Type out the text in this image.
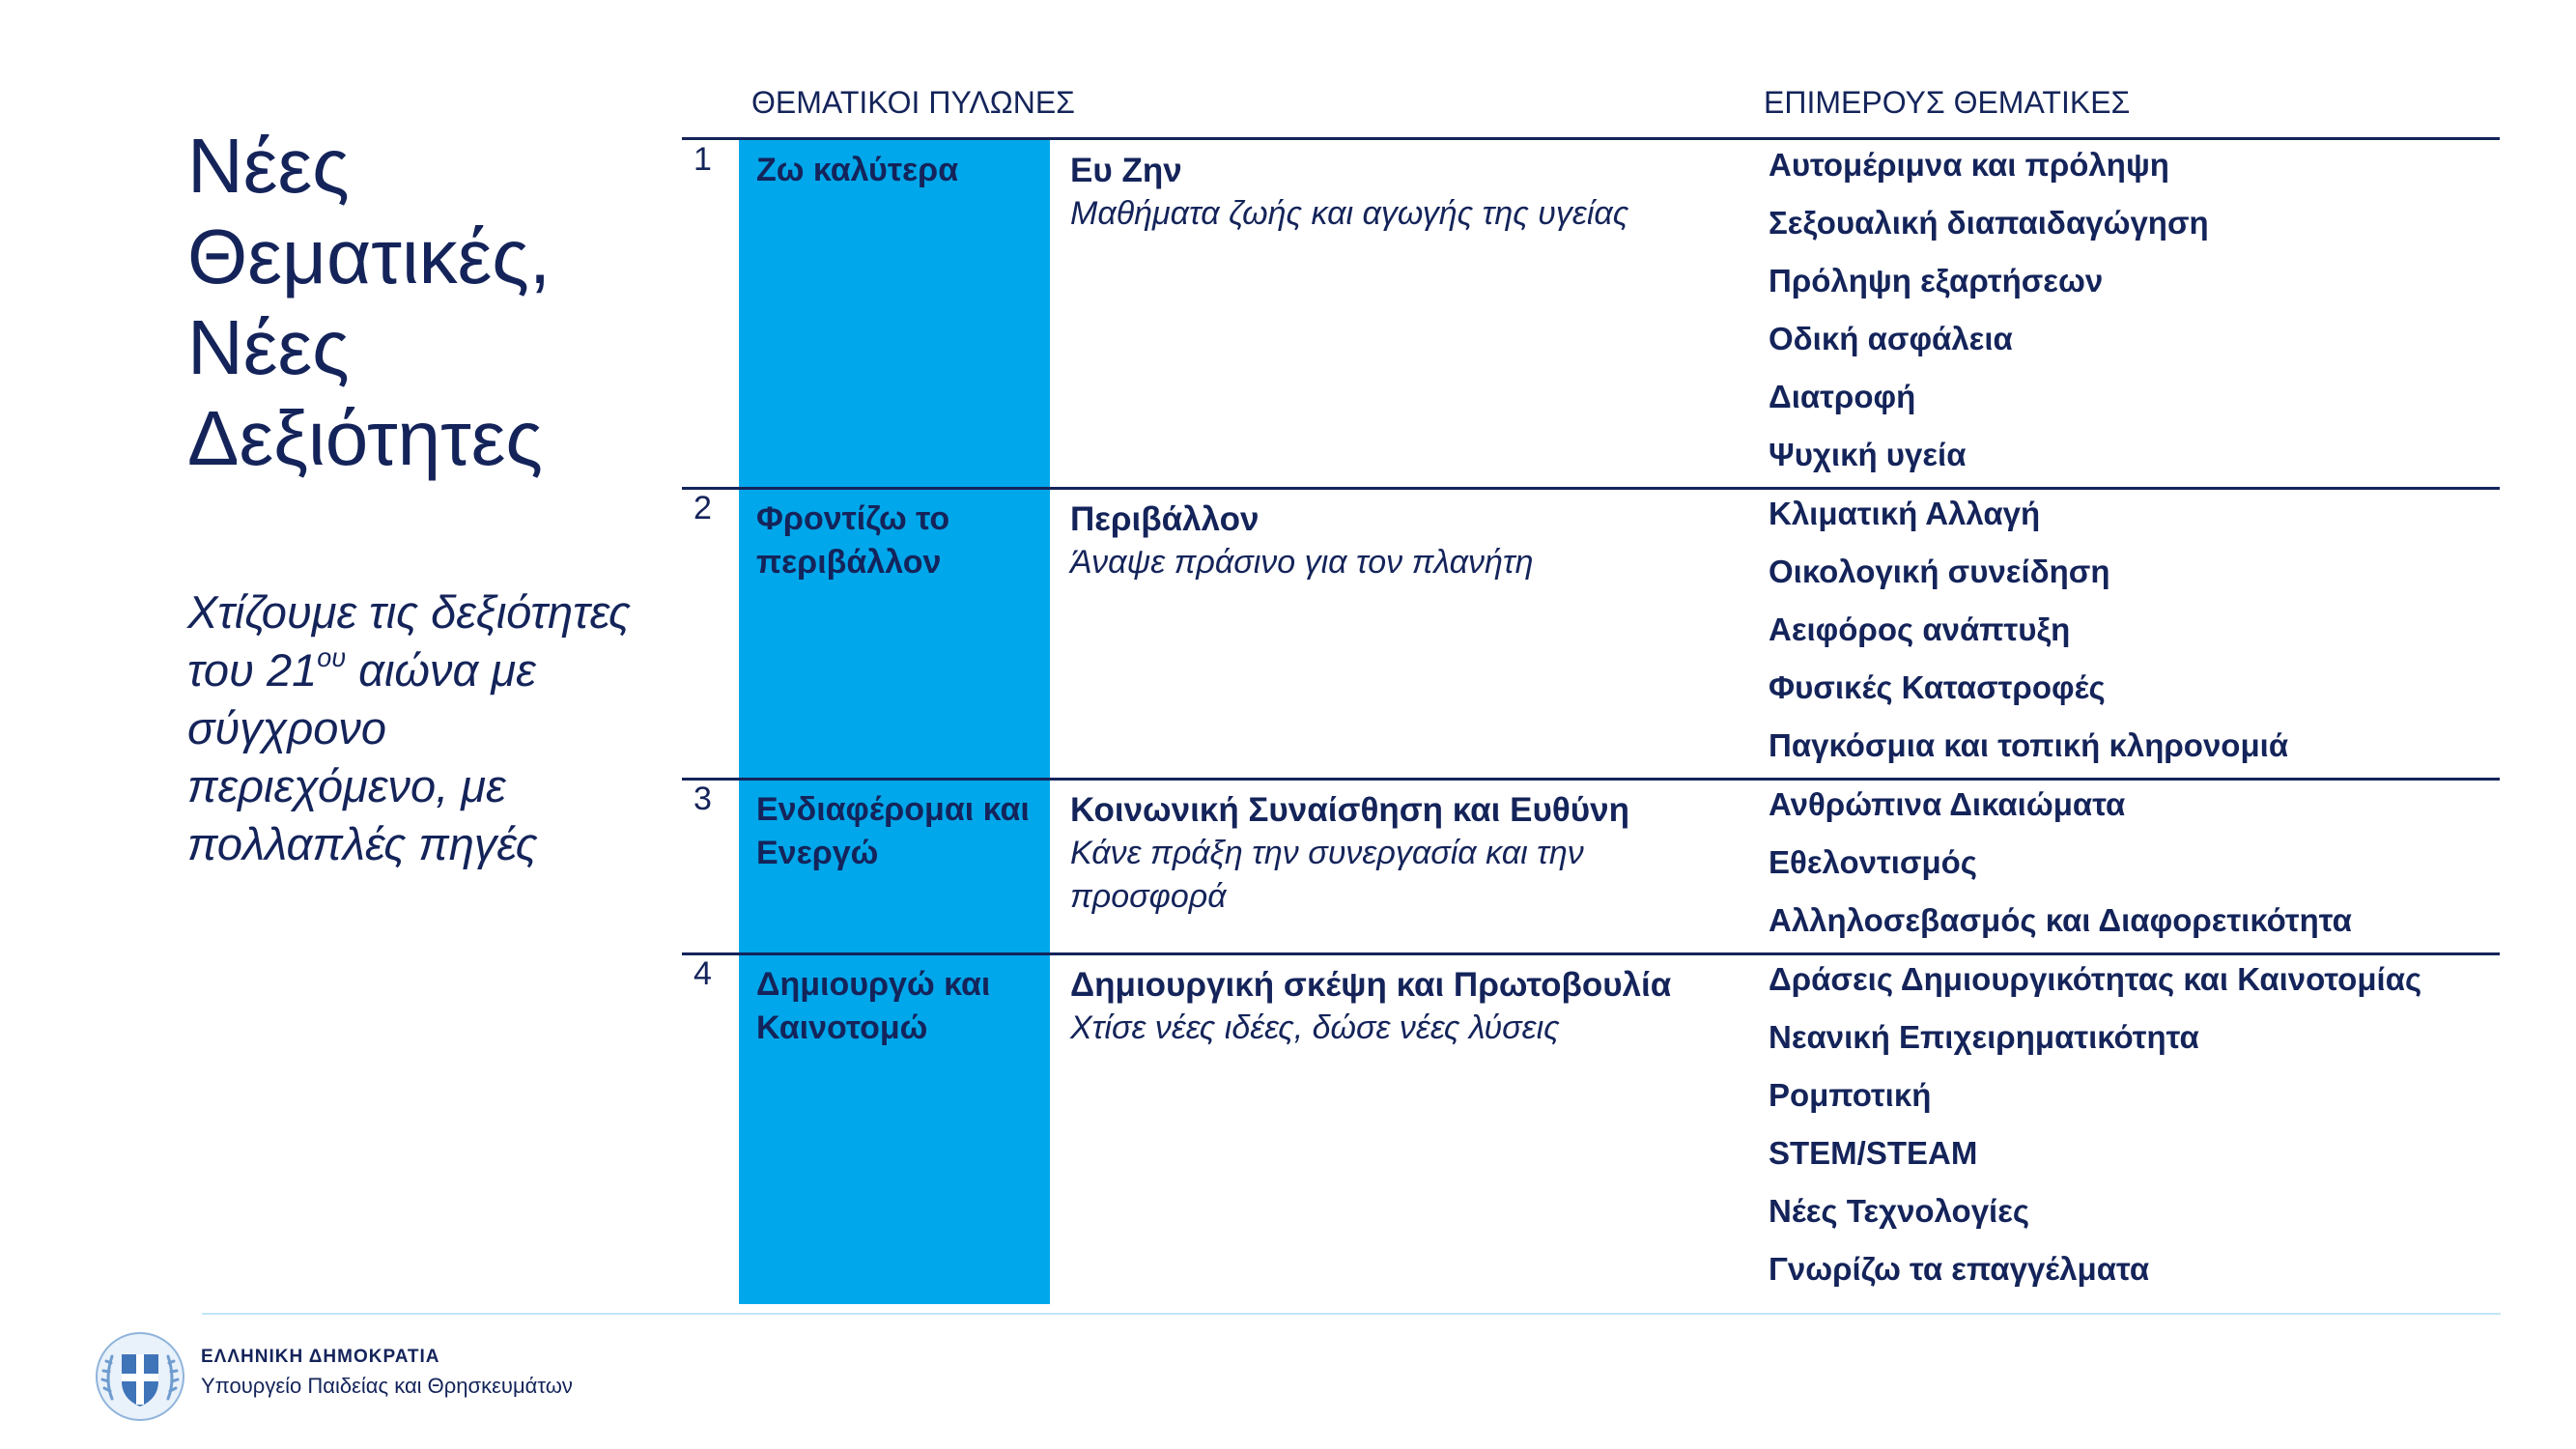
Νέες
Θεματικές,
Νέες
Δεξιότητες

Χτίζουμε τις δεξιότητες του $21^{o\upsilon}$ αιώνα με σύγχρονο περιεχόμενο, με πολλαπλές πηγές

ΘΕΜΑΤΙΚΟΙ ΠΥΛΩΝΕΣ	ΕΠΙΜΕΡΟΥΣ ΘΕΜΑΤΙΚΕΣ
1 Ζω καλύτερα	Ευ Ζην
Μαθήματα ζωής και αγωγής της υγείας
Αυτομέριμνα και πρόληψη
Σεξουαλική διαπαιδαγώγηση
Πρόληψη εξαρτήσεων
Οδική ασφάλεια
Διατροφή
Ψυχική υγεία
2 Φροντίζω το περιβάλλον
Περιβάλλον
Άναψε πράσινο για τον πλανήτη
Κλιματική Αλλαγή
Οικολογική συνείδηση
Αειφόρος ανάπτυξη
Φυσικές Καταστροφές
Παγκόσμια και τοπική κληρονομιά
3 Ενδιαφέρομαι και Ενεργώ
Κοινωνική Συναίσθηση και Ευθύνη
Κάνε πράξη την συνεργασία και την προσφορά
Ανθρώπινα Δικαιώματα
Εθελοντισμός
Αλληλοσεβασμός και Διαφορετικότητα
4 Δημιουργώ και Καινοτομώ
Δημιουργική σκέψη και Πρωτοβουλία
Χτίσε νέες ιδέες, δώσε νέες λύσεις
Δράσεις Δημιουργικότητας και Καινοτομίας
Νεανική Επιχειρηματικότητα
Ρομποτική
STEM/STEAM
Νέες Τεχνολογίες
Γνωρίζω τα επαγγέλματα
ΕΛΛΗΝΙΚΗ ΔΗΜΟΚΡΑΤΙΑ
Υπουργείο Παιδείας και Θρησκευμάτων
